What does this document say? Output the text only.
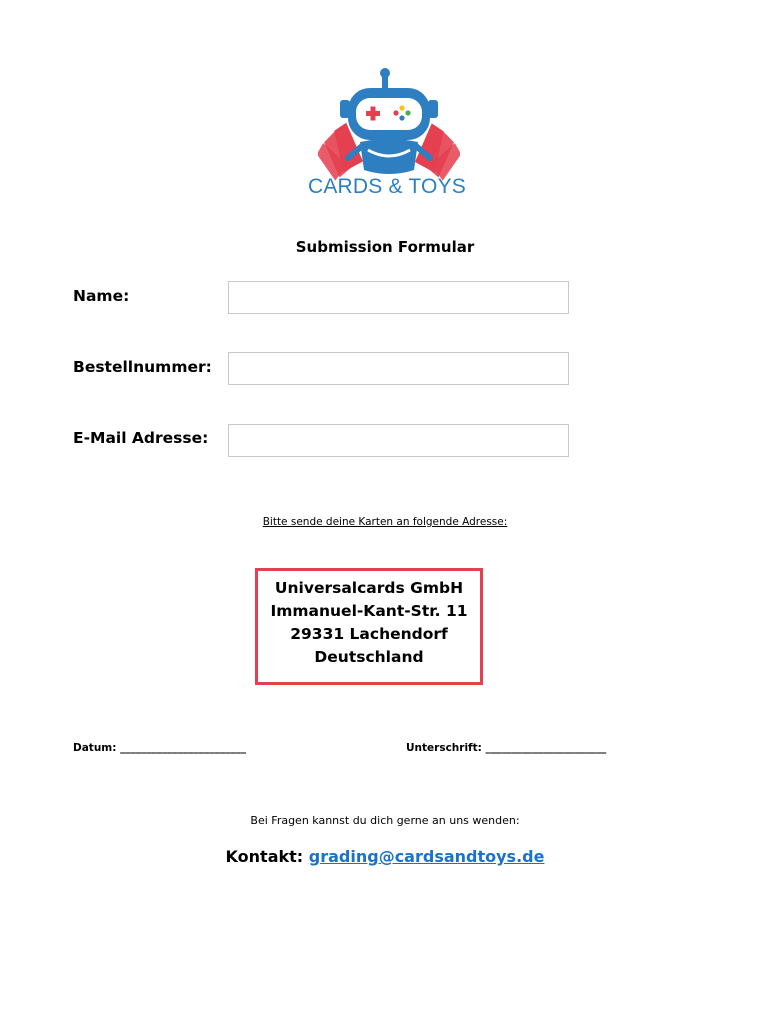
CARDS & TOYS
Submission Formular
Name:
Bestellnummer:
E-Mail Adresse:
Bitte sende deine Karten an folgende Adresse:
Universalcards GmbH
Immanuel-Kant-Str. 11
29331 Lachendorf
Deutschland
Datum: ________________________	Unterschrift: _______________________
Bei Fragen kannst du dich gerne an uns wenden:
Kontakt: grading@cardsandtoys.de
